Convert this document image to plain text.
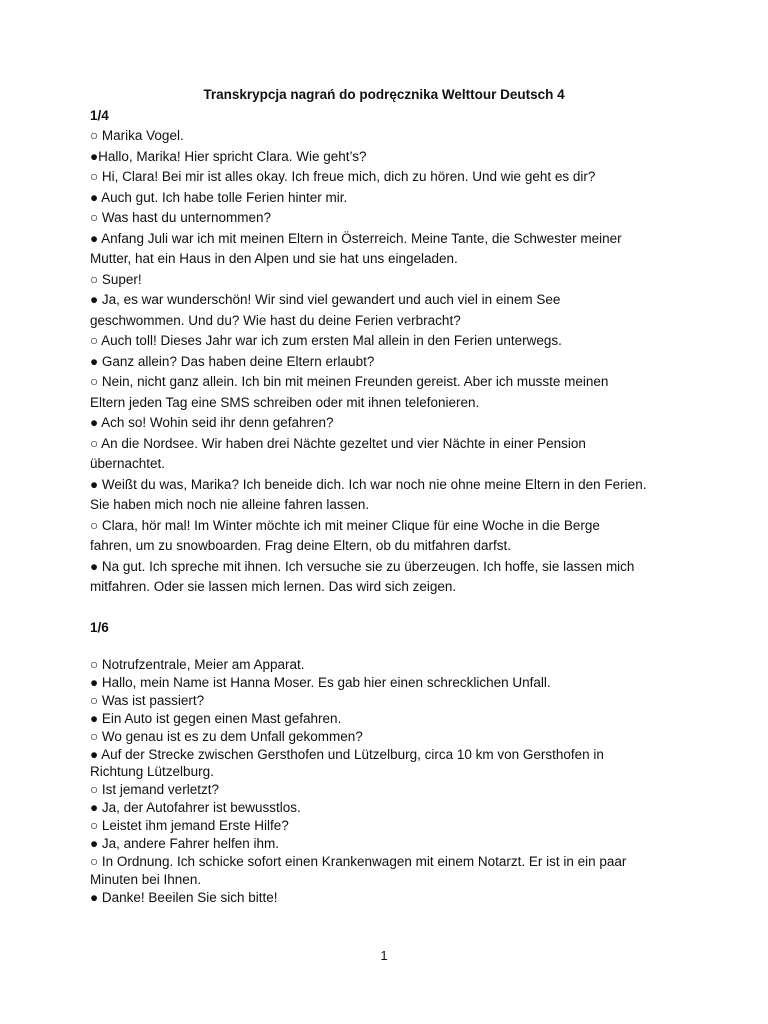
Transkrypcja nagrań do podręcznika Welttour Deutsch 4

1/4

○ Marika Vogel.

●Hallo, Marika! Hier spricht Clara. Wie geht’s?

○ Hi, Clara! Bei mir ist alles okay. Ich freue mich, dich zu hören. Und wie geht es dir?

● Auch gut. Ich habe tolle Ferien hinter mir.

○ Was hast du unternommen?

● Anfang Juli war ich mit meinen Eltern in Österreich. Meine Tante, die Schwester meiner

Mutter, hat ein Haus in den Alpen und sie hat uns eingeladen.

○ Super!

● Ja, es war wunderschön! Wir sind viel gewandert und auch viel in einem See

geschwommen. Und du? Wie hast du deine Ferien verbracht?

○ Auch toll! Dieses Jahr war ich zum ersten Mal allein in den Ferien unterwegs.

● Ganz allein? Das haben deine Eltern erlaubt?

○ Nein, nicht ganz allein. Ich bin mit meinen Freunden gereist. Aber ich musste meinen

Eltern jeden Tag eine SMS schreiben oder mit ihnen telefonieren.

● Ach so! Wohin seid ihr denn gefahren?

○ An die Nordsee. Wir haben drei Nächte gezeltet und vier Nächte in einer Pension

übernachtet.

● Weißt du was, Marika? Ich beneide dich. Ich war noch nie ohne meine Eltern in den Ferien.

Sie haben mich noch nie alleine fahren lassen.

○ Clara, hör mal! Im Winter möchte ich mit meiner Clique für eine Woche in die Berge

fahren, um zu snowboarden. Frag deine Eltern, ob du mitfahren darfst.

● Na gut. Ich spreche mit ihnen. Ich versuche sie zu überzeugen. Ich hoffe, sie lassen mich

mitfahren. Oder sie lassen mich lernen. Das wird sich zeigen.

1/6

○ Notrufzentrale, Meier am Apparat.

● Hallo, mein Name ist Hanna Moser. Es gab hier einen schrecklichen Unfall.

○ Was ist passiert?

● Ein Auto ist gegen einen Mast gefahren.

○ Wo genau ist es zu dem Unfall gekommen?

● Auf der Strecke zwischen Gersthofen und Lützelburg, circa 10 km von Gersthofen in

Richtung Lützelburg.

○ Ist jemand verletzt?

● Ja, der Autofahrer ist bewusstlos.

○ Leistet ihm jemand Erste Hilfe?

● Ja, andere Fahrer helfen ihm.

○ In Ordnung. Ich schicke sofort einen Krankenwagen mit einem Notarzt. Er ist in ein paar

Minuten bei Ihnen.

● Danke! Beeilen Sie sich bitte!

1
